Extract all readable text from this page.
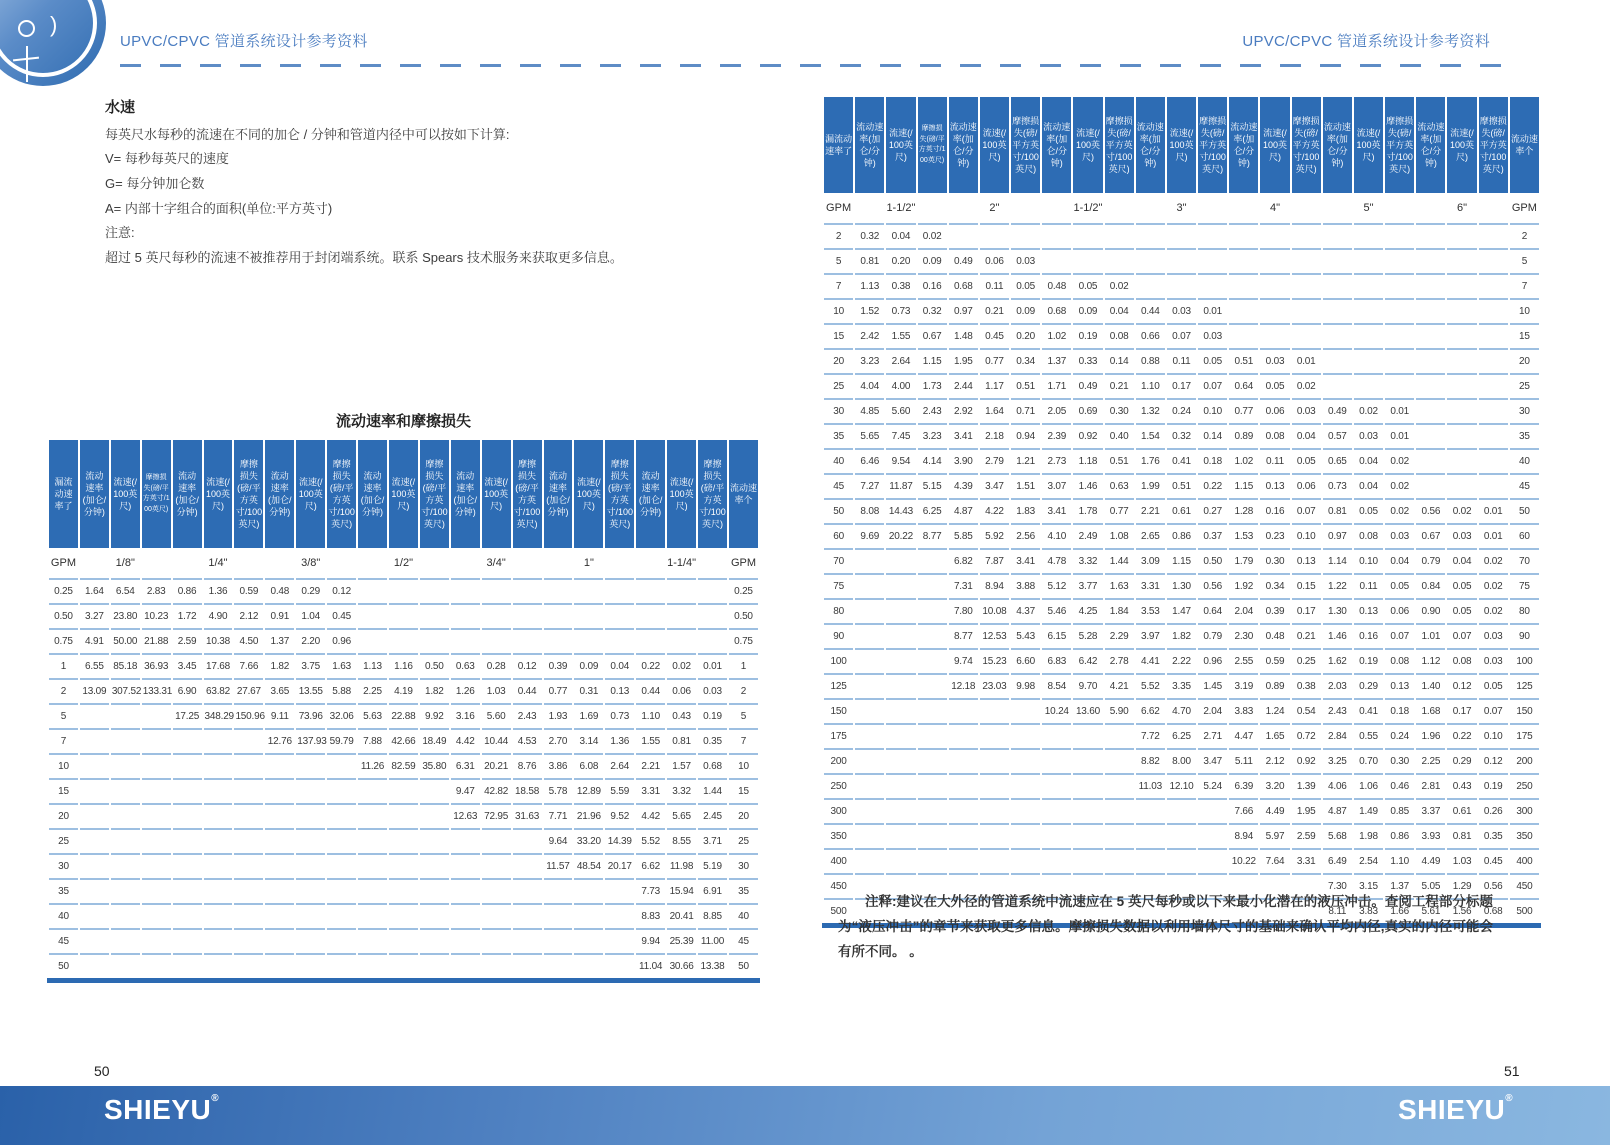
)
UPVC/CPVC 管道系统设计参考资料	UPVC/CPVC 管道系统设计参考资料

水速

每英尺水每秒的流速在不同的加仑 / 分钟和管道内径中可以按如下计算:

V= 每秒每英尺的速度

G= 每分钟加仑数

A= 内部十字组合的面积(单位:平方英寸)

注意:

超过 5 英尺每秒的流速不被推荐用于封闭端系统。联系 Spears 技术服务来获取更多信息。

流动速率和摩擦损失
漏流动速率了	流动速率(加仑/分钟)	流速(/100英尺)	摩擦损失(磅/平方英寸/100英尺)	流动速率(加仑/分钟)	流速(/100英尺)	摩擦损失(磅/平方英寸/100英尺)	流动速率(加仑/分钟)	流速(/100英尺)	摩擦损失(磅/平方英寸/100英尺)	流动速率(加仑/分钟)	流速(/100英尺)	摩擦损失(磅/平方英寸/100英尺)	流动速率(加仑/分钟)	流速(/100英尺)	摩擦损失(磅/平方英寸/100英尺)	流动速率(加仑/分钟)	流速(/100英尺)	摩擦损失(磅/平方英寸/100英尺)	流动速率(加仑/分钟)	流速(/100英尺)	摩擦损失(磅/平方英寸/100英尺)	流动速率个
GPM	1/8"			1/4"			3/8"			1/2"			3/4"			1"			1-1/4"			GPM
0.25	1.64	6.54	2.83	0.86	1.36	0.59	0.48	0.29	0.12													0.25
0.50	3.27	23.80	10.23	1.72	4.90	2.12	0.91	1.04	0.45													0.50
0.75	4.91	50.00	21.88	2.59	10.38	4.50	1.37	2.20	0.96													0.75
1	6.55	85.18	36.93	3.45	17.68	7.66	1.82	3.75	1.63	1.13	1.16	0.50	0.63	0.28	0.12	0.39	0.09	0.04	0.22	0.02	0.01	1
2	13.09	307.52	133.31	6.90	63.82	27.67	3.65	13.55	5.88	2.25	4.19	1.82	1.26	1.03	0.44	0.77	0.31	0.13	0.44	0.06	0.03	2
5				17.25	348.29	150.96	9.11	73.96	32.06	5.63	22.88	9.92	3.16	5.60	2.43	1.93	1.69	0.73	1.10	0.43	0.19	5
7							12.76	137.93	59.79	7.88	42.66	18.49	4.42	10.44	4.53	2.70	3.14	1.36	1.55	0.81	0.35	7
10										11.26	82.59	35.80	6.31	20.21	8.76	3.86	6.08	2.64	2.21	1.57	0.68	10
15													9.47	42.82	18.58	5.78	12.89	5.59	3.31	3.32	1.44	15
20													12.63	72.95	31.63	7.71	21.96	9.52	4.42	5.65	2.45	20
25																9.64	33.20	14.39	5.52	8.55	3.71	25
30																11.57	48.54	20.17	6.62	11.98	5.19	30
35																			7.73	15.94	6.91	35
40																			8.83	20.41	8.85	40
45																			9.94	25.39	11.00	45
50																			11.04	30.66	13.38	50
漏流动速率了	流动速率(加仑/分钟)	流速(/100英尺)	摩擦损失(磅/平方英寸/100英尺)	流动速率(加仑/分钟)	流速(/100英尺)	摩擦损失(磅/平方英寸/100英尺)	流动速率(加仑/分钟)	流速(/100英尺)	摩擦损失(磅/平方英寸/100英尺)	流动速率(加仑/分钟)	流速(/100英尺)	摩擦损失(磅/平方英寸/100英尺)	流动速率(加仑/分钟)	流速(/100英尺)	摩擦损失(磅/平方英寸/100英尺)	流动速率(加仑/分钟)	流速(/100英尺)	摩擦损失(磅/平方英寸/100英尺)	流动速率(加仑/分钟)	流速(/100英尺)	摩擦损失(磅/平方英寸/100英尺)	流动速率个
GPM	1-1/2"			2"			1-1/2"			3"			4"			5"			6"			GPM
2	0.32	0.04	0.02																			2
5	0.81	0.20	0.09	0.49	0.06	0.03																5
7	1.13	0.38	0.16	0.68	0.11	0.05	0.48	0.05	0.02													7
10	1.52	0.73	0.32	0.97	0.21	0.09	0.68	0.09	0.04	0.44	0.03	0.01										10
15	2.42	1.55	0.67	1.48	0.45	0.20	1.02	0.19	0.08	0.66	0.07	0.03										15
20	3.23	2.64	1.15	1.95	0.77	0.34	1.37	0.33	0.14	0.88	0.11	0.05	0.51	0.03	0.01							20
25	4.04	4.00	1.73	2.44	1.17	0.51	1.71	0.49	0.21	1.10	0.17	0.07	0.64	0.05	0.02							25
30	4.85	5.60	2.43	2.92	1.64	0.71	2.05	0.69	0.30	1.32	0.24	0.10	0.77	0.06	0.03	0.49	0.02	0.01				30
35	5.65	7.45	3.23	3.41	2.18	0.94	2.39	0.92	0.40	1.54	0.32	0.14	0.89	0.08	0.04	0.57	0.03	0.01				35
40	6.46	9.54	4.14	3.90	2.79	1.21	2.73	1.18	0.51	1.76	0.41	0.18	1.02	0.11	0.05	0.65	0.04	0.02				40
45	7.27	11.87	5.15	4.39	3.47	1.51	3.07	1.46	0.63	1.99	0.51	0.22	1.15	0.13	0.06	0.73	0.04	0.02				45
50	8.08	14.43	6.25	4.87	4.22	1.83	3.41	1.78	0.77	2.21	0.61	0.27	1.28	0.16	0.07	0.81	0.05	0.02	0.56	0.02	0.01	50
60	9.69	20.22	8.77	5.85	5.92	2.56	4.10	2.49	1.08	2.65	0.86	0.37	1.53	0.23	0.10	0.97	0.08	0.03	0.67	0.03	0.01	60
70				6.82	7.87	3.41	4.78	3.32	1.44	3.09	1.15	0.50	1.79	0.30	0.13	1.14	0.10	0.04	0.79	0.04	0.02	70
75				7.31	8.94	3.88	5.12	3.77	1.63	3.31	1.30	0.56	1.92	0.34	0.15	1.22	0.11	0.05	0.84	0.05	0.02	75
80				7.80	10.08	4.37	5.46	4.25	1.84	3.53	1.47	0.64	2.04	0.39	0.17	1.30	0.13	0.06	0.90	0.05	0.02	80
90				8.77	12.53	5.43	6.15	5.28	2.29	3.97	1.82	0.79	2.30	0.48	0.21	1.46	0.16	0.07	1.01	0.07	0.03	90
100				9.74	15.23	6.60	6.83	6.42	2.78	4.41	2.22	0.96	2.55	0.59	0.25	1.62	0.19	0.08	1.12	0.08	0.03	100
125				12.18	23.03	9.98	8.54	9.70	4.21	5.52	3.35	1.45	3.19	0.89	0.38	2.03	0.29	0.13	1.40	0.12	0.05	125
150							10.24	13.60	5.90	6.62	4.70	2.04	3.83	1.24	0.54	2.43	0.41	0.18	1.68	0.17	0.07	150
175										7.72	6.25	2.71	4.47	1.65	0.72	2.84	0.55	0.24	1.96	0.22	0.10	175
200										8.82	8.00	3.47	5.11	2.12	0.92	3.25	0.70	0.30	2.25	0.29	0.12	200
250										11.03	12.10	5.24	6.39	3.20	1.39	4.06	1.06	0.46	2.81	0.43	0.19	250
300													7.66	4.49	1.95	4.87	1.49	0.85	3.37	0.61	0.26	300
350													8.94	5.97	2.59	5.68	1.98	0.86	3.93	0.81	0.35	350
400													10.22	7.64	3.31	6.49	2.54	1.10	4.49	1.03	0.45	400
450																7.30	3.15	1.37	5.05	1.29	0.56	450
500																8.11	3.83	1.66	5.61	1.56	0.68	500
注释:建议在大外径的管道系统中流速应在 5 英尺每秒或以下来最小化潜在的液压冲击。查阅工程部分标题为“液压冲击”的章节来获取更多信息。摩擦损失数据以利用墙体尺寸的基础来确认平均内径,真实的内径可能会有所不同。 。
50	51
SHIEYU®	SHIEYU®
